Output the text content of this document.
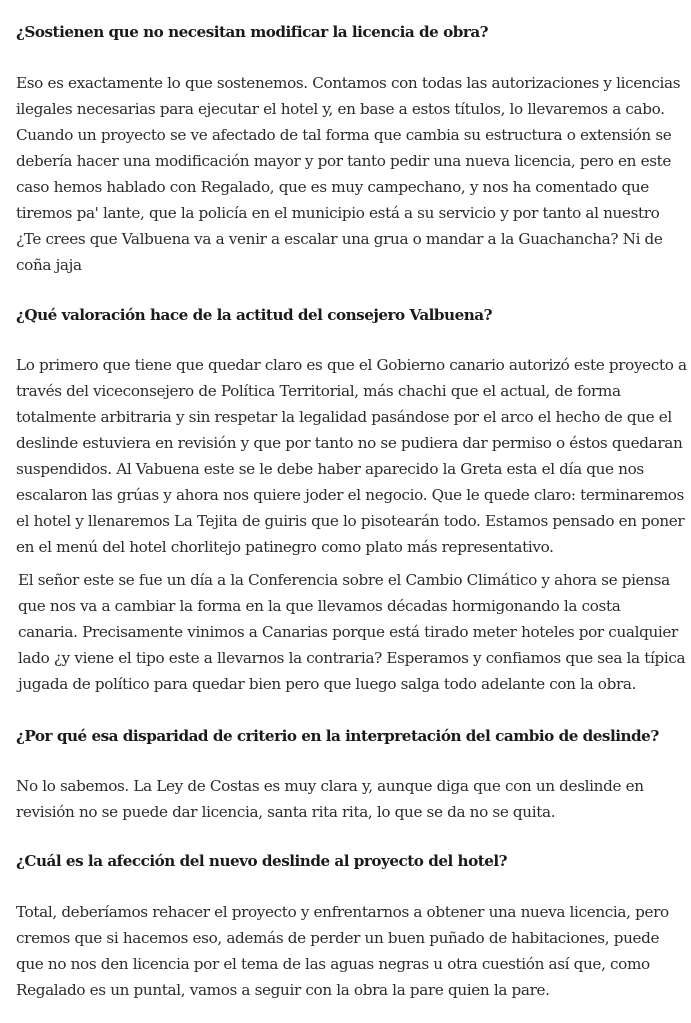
¿Sostienen que no necesitan modificar la licencia de obra?

Eso es exactamente lo que sostenemos. Contamos con todas las autorizaciones y licencias
ilegales necesarias para ejecutar el hotel y, en base a estos títulos, lo llevaremos a cabo.
Cuando un proyecto se ve afectado de tal forma que cambia su estructura o extensión se
debería hacer una modificación mayor y por tanto pedir una nueva licencia, pero en este
caso hemos hablado con Regalado, que es muy campechano, y nos ha comentado que
tiremos pa' lante, que la policía en el municipio está a su servicio y por tanto al nuestro
¿Te crees que Valbuena va a venir a escalar una grua o mandar a la Guachancha? Ni de
coña jaja

¿Qué valoración hace de la actitud del consejero Valbuena?

Lo primero que tiene que quedar claro es que el Gobierno canario autorizó este proyecto a
través del viceconsejero de Política Territorial, más chachi que el actual, de forma
totalmente arbitraria y sin respetar la legalidad pasándose por el arco el hecho de que el
deslinde estuviera en revisión y que por tanto no se pudiera dar permiso o éstos quedaran
suspendidos. Al Vabuena este se le debe haber aparecido la Greta esta el día que nos
escalaron las grúas y ahora nos quiere joder el negocio. Que le quede claro: terminaremos
el hotel y llenaremos La Tejita de guiris que lo pisotearán todo. Estamos pensado en poner
en el menú del hotel chorlitejo patinegro como plato más representativo.

El señor este se fue un día a la Conferencia sobre el Cambio Climático y ahora se piensa
que nos va a cambiar la forma en la que llevamos décadas hormigonando la costa
canaria. Precisamente vinimos a Canarias porque está tirado meter hoteles por cualquier
lado ¿y viene el tipo este a llevarnos la contraria? Esperamos y confiamos que sea la típica
jugada de político para quedar bien pero que luego salga todo adelante con la obra.

¿Por qué esa disparidad de criterio en la interpretación del cambio de deslinde?

No lo sabemos. La Ley de Costas es muy clara y, aunque diga que con un deslinde en
revisión no se puede dar licencia, santa rita rita, lo que se da no se quita.

¿Cuál es la afección del nuevo deslinde al proyecto del hotel?

Total, deberíamos rehacer el proyecto y enfrentarnos a obtener una nueva licencia, pero
cremos que si hacemos eso, además de perder un buen puñado de habitaciones, puede
que no nos den licencia por el tema de las aguas negras u otra cuestión así que, como
Regalado es un puntal, vamos a seguir con la obra la pare quien la pare.
